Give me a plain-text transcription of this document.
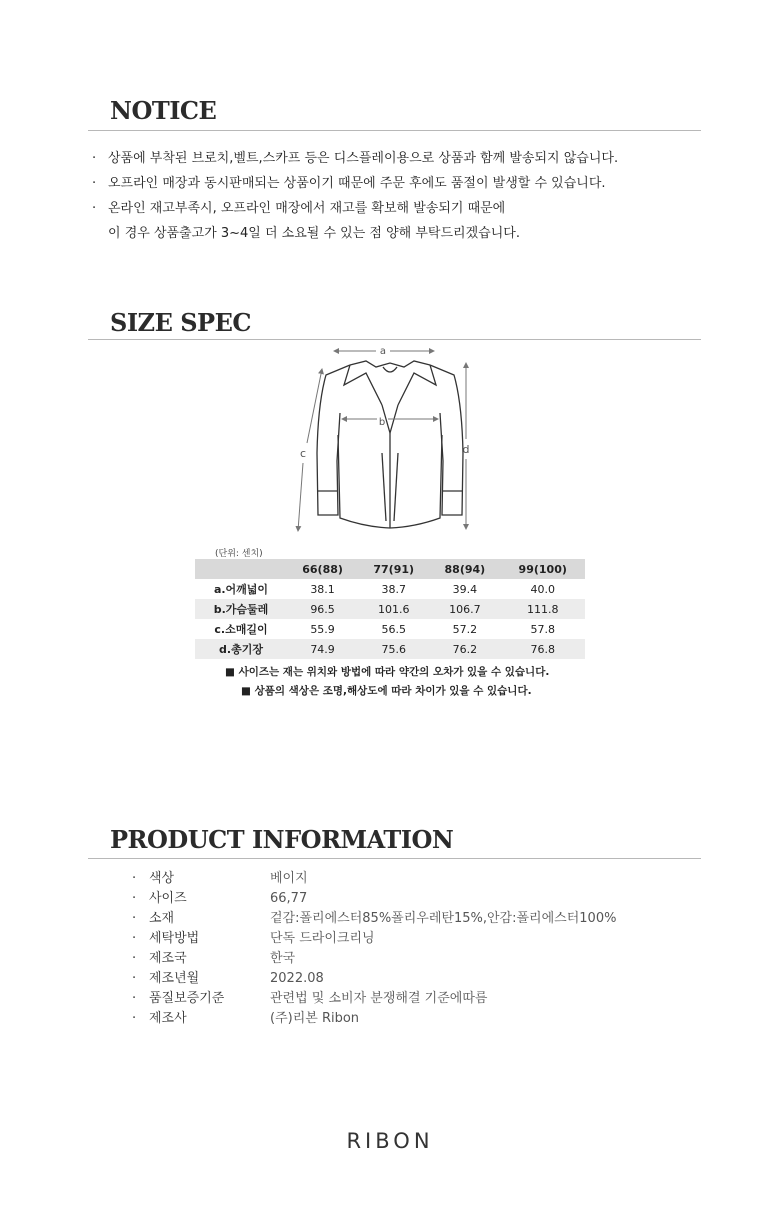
NOTICE
· 상품에 부착된 브로치,벨트,스카프 등은 디스플레이용으로 상품과 함께 발송되지 않습니다.
· 오프라인 매장과 동시판매되는 상품이기 때문에 주문 후에도 품절이 발생할 수 있습니다.
· 온라인 재고부족시, 오프라인 매장에서 재고를 확보해 발송되기 때문에
이 경우 상품출고가 3~4일 더 소요될 수 있는 점 양해 부탁드리겠습니다.
SIZE SPEC
a
b
c	d
(단위: 센치)
	66(88)	77(91)	88(94)	99(100)
a.어깨넓이	38.1	38.7	39.4	40.0
b.가슴둘레	96.5	101.6	106.7	111.8
c.소매길이	55.9	56.5	57.2	57.8
d.총기장	74.9	75.6	76.2	76.8
■ 사이즈는 재는 위치와 방법에 따라 약간의 오차가 있을 수 있습니다.
■ 상품의 색상은 조명,해상도에 따라 차이가 있을 수 있습니다.
PRODUCT INFORMATION
· 색상	베이지
· 사이즈	66,77
· 소재	겉감:폴리에스터85%폴리우레탄15%,안감:폴리에스터100%
· 세탁방법	단독 드라이크리닝
· 제조국	한국
· 제조년월	2022.08
· 품질보증기준	관련법 및 소비자 분쟁해결 기준에따름
· 제조사	(주)리본 Ribon
RIBON
